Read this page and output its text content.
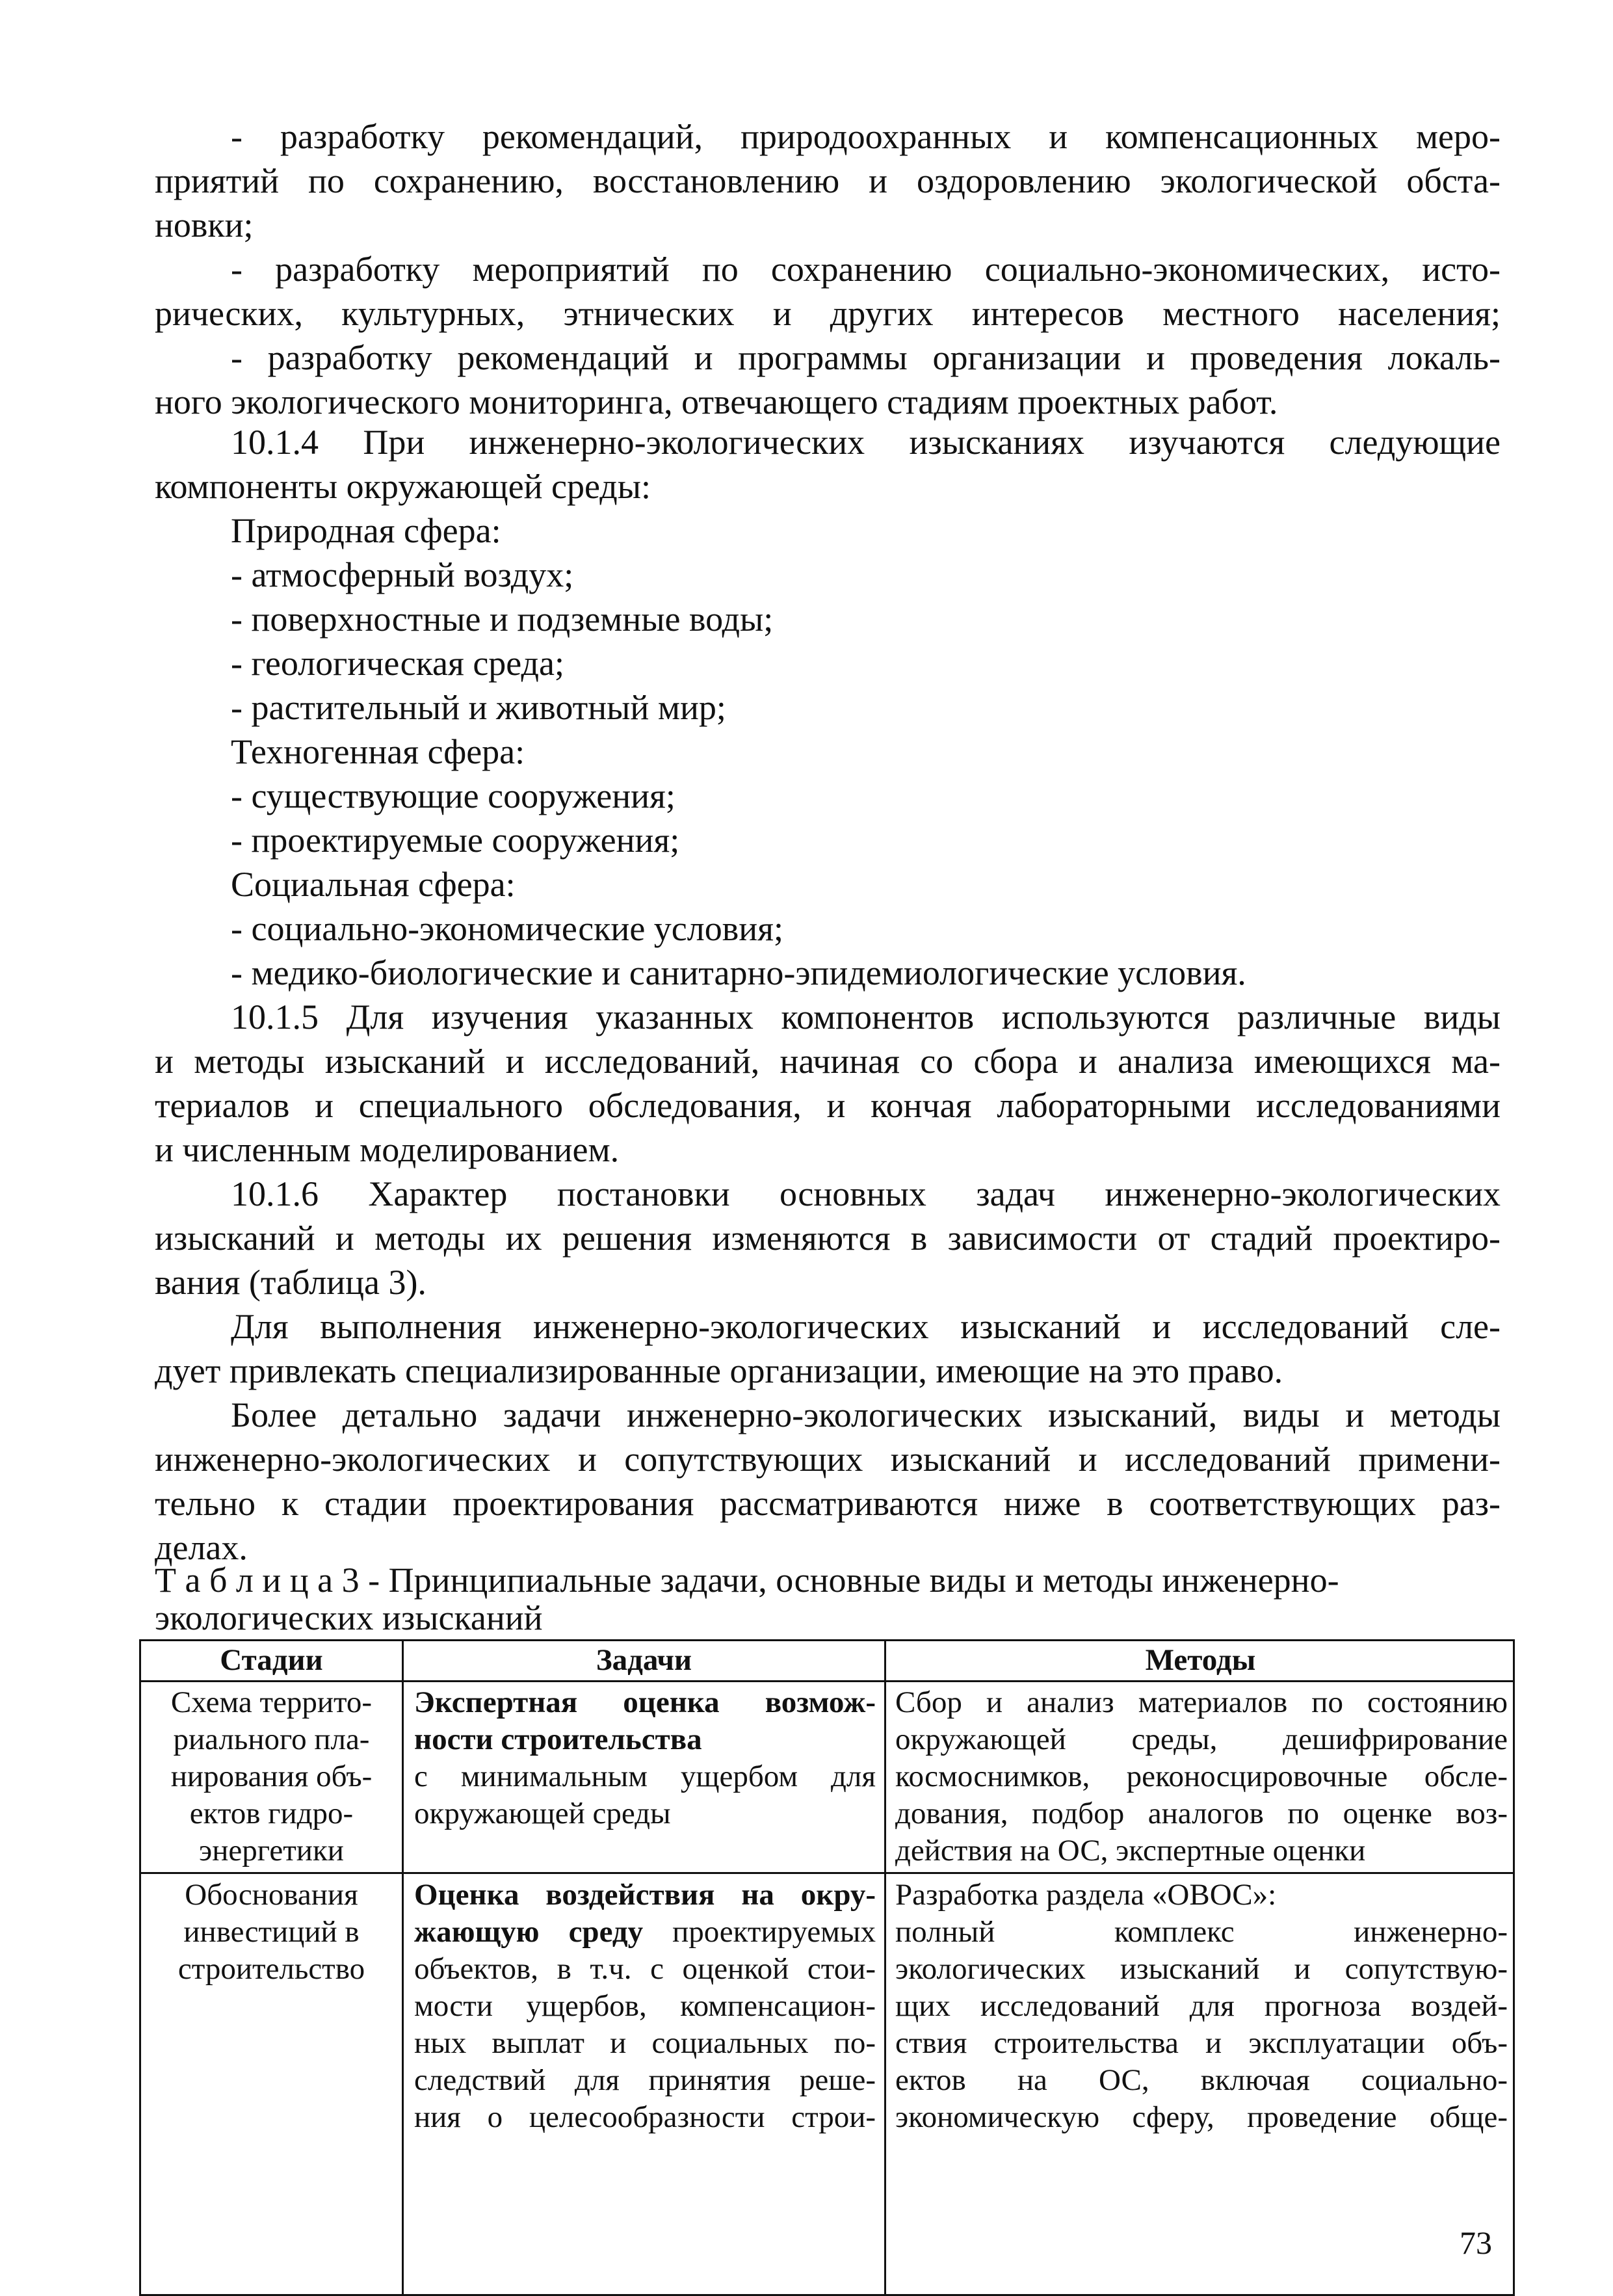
- разработку рекомендаций, природоохранных и компенсационных меро-
приятий по сохранению, восстановлению и оздоровлению экологической обста-
новки;
- разработку мероприятий по сохранению социально-экономических, исто-
рических, культурных, этнических и других интересов местного населения;
- разработку рекомендаций и программы организации и проведения локаль-
ного экологического мониторинга, отвечающего стадиям проектных работ.
10.1.4 При инженерно-экологических изысканиях изучаются следующие
компоненты окружающей среды:
Природная сфера:
- атмосферный воздух;
- поверхностные и подземные воды;
- геологическая среда;
- растительный и животный мир;
Техногенная сфера:
- существующие сооружения;
- проектируемые сооружения;
Социальная сфера:
- социально-экономические условия;
- медико-биологические и санитарно-эпидемиологические условия.
10.1.5 Для изучения указанных компонентов используются различные виды
и методы изысканий и исследований, начиная со сбора и анализа имеющихся ма-
териалов и специального обследования, и кончая лабораторными исследованиями
и численным моделированием.
10.1.6 Характер постановки основных задач инженерно-экологических
изысканий и методы их решения изменяются в зависимости от стадий проектиро-
вания (таблица 3).
Для выполнения инженерно-экологических изысканий и исследований сле-
дует привлекать специализированные организации, имеющие на это право.
Более детально задачи инженерно-экологических изысканий, виды и методы
инженерно-экологических и сопутствующих изысканий и исследований примени-
тельно к стадии проектирования рассматриваются ниже в соответствующих раз-
делах.
Т а б л и ц а 3 - Принципиальные задачи, основные виды и методы инженерно-
экологических изысканий
Стадии	Задачи	Методы
Схема террито-
риального пла-
нирования объ-
ектов гидро-
энергетики
Экспертная оценка возмож-
ности строительства
с минимальным ущербом для
окружающей среды
Сбор и анализ материалов по состоянию
окружающей среды, дешифрирование
космоснимков, реконосцировочные обсле-
дования, подбор аналогов по оценке воз-
действия на ОС, экспертные оценки
Обоснования
инвестиций в
строительство
Оценка воздействия на окру-
жающую среду проектируемых
объектов, в т.ч. с оценкой стои-
мости ущербов, компенсацион-
ных выплат и социальных по-
следствий для принятия реше-
ния о целесообразности строи-
Разработка раздела «ОВОС»:
полный комплекс инженерно-
экологических изысканий и сопутствую-
щих исследований для прогноза воздей-
ствия строительства и эксплуатации объ-
ектов на ОС, включая социально-
экономическую сферу, проведение обще-
73
